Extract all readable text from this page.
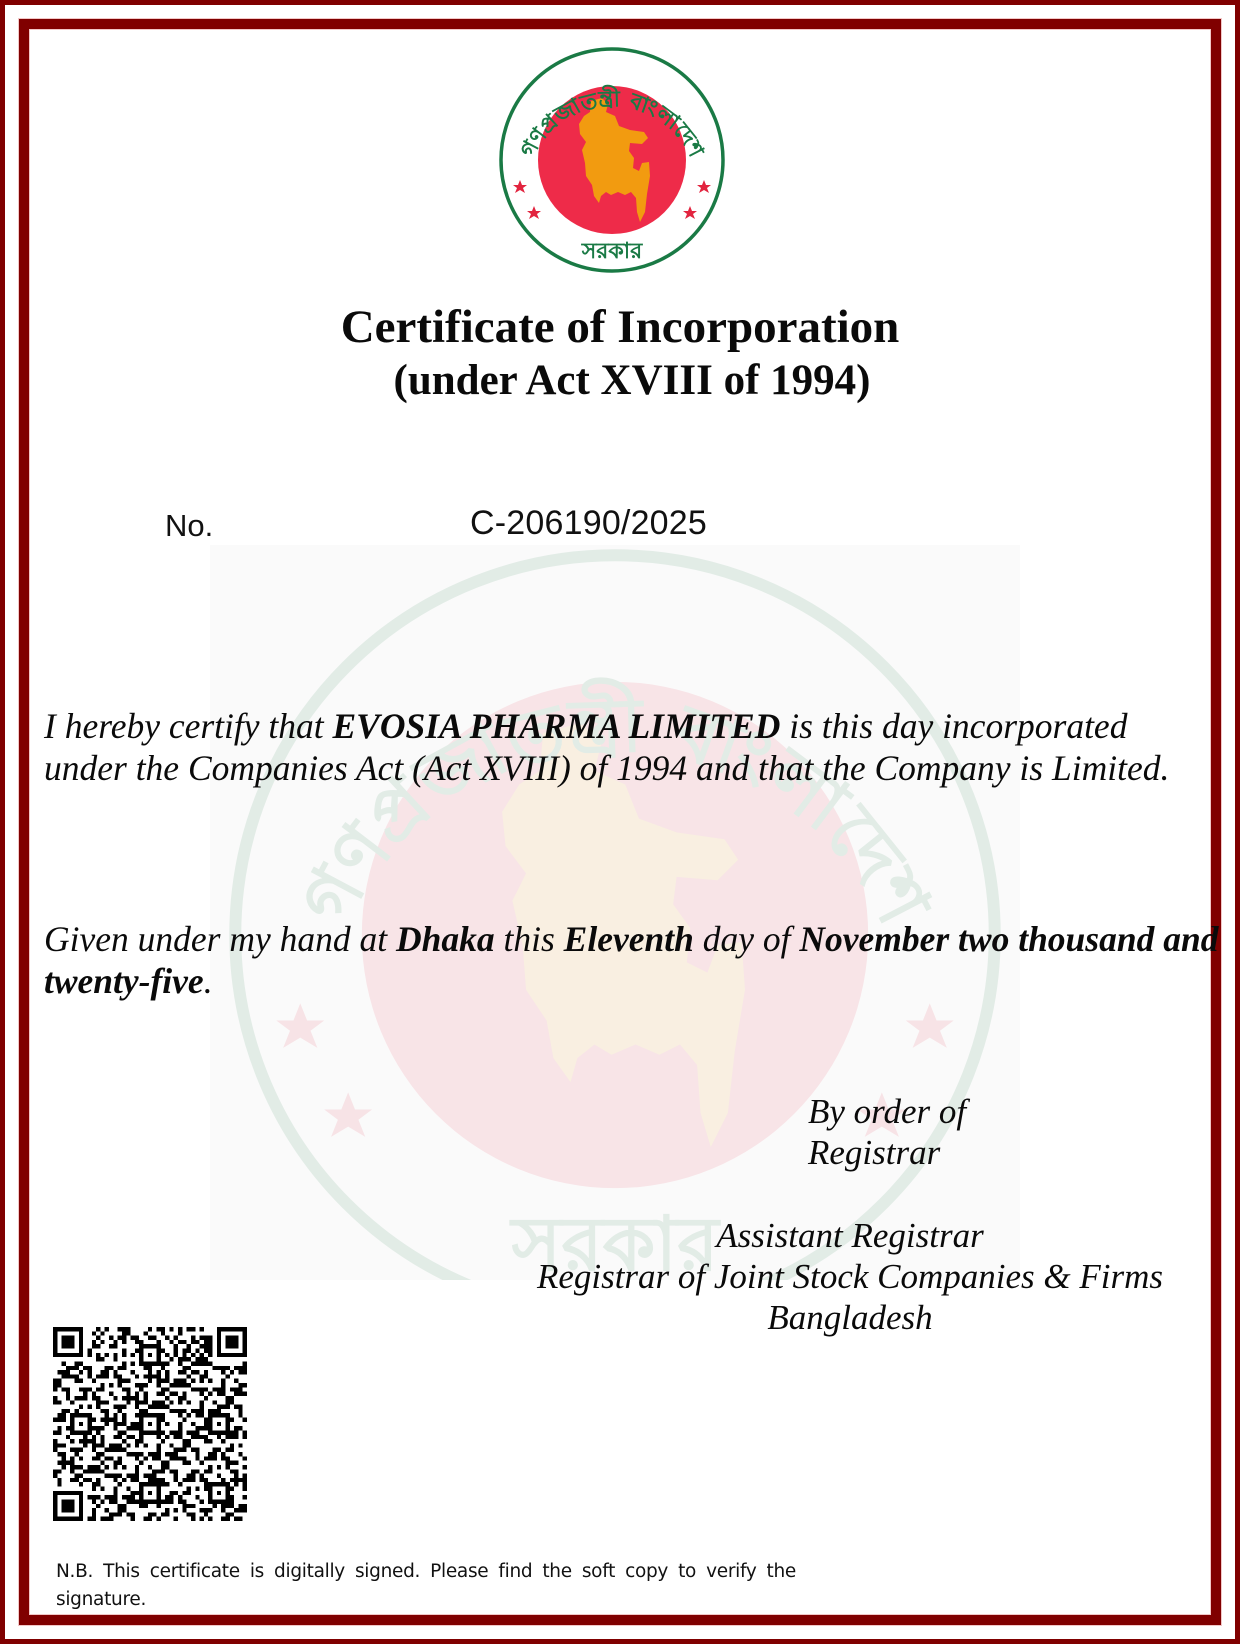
Certificate of Incorporation
(under Act XVIII of 1994)
No.	C-206190/2025
I hereby certify that EVOSIA PHARMA LIMITED is this day incorporated under the Companies Act (Act XVIII) of 1994 and that the Company is Limited.
Given under my hand at Dhaka this Eleventh day of November two thousand and twenty-five.
By order of
Registrar
Assistant Registrar
Registrar of Joint Stock Companies & Firms
Bangladesh
N.B. This certificate is digitally signed. Please find the soft copy to verify the signature.
